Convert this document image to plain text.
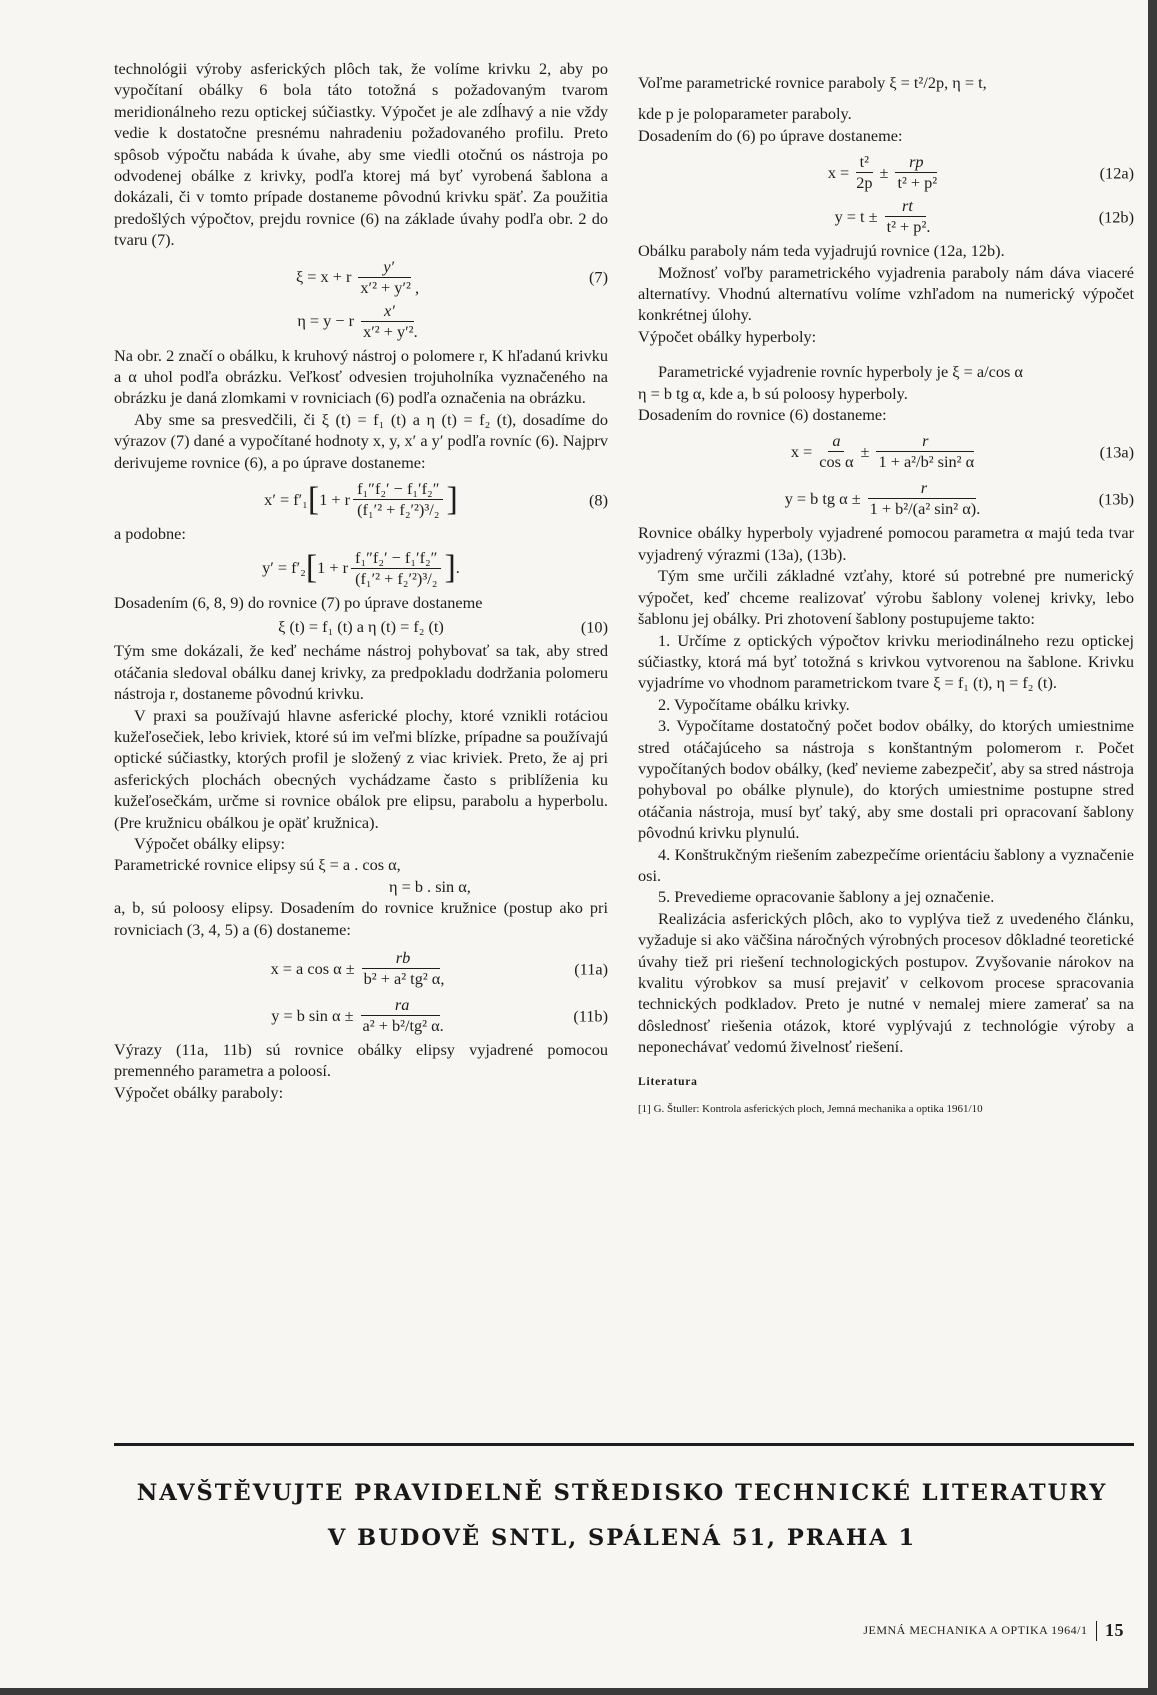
technológii výroby asferických plôch tak, že volíme krivku 2, aby po vypočítaní obálky 6 bola táto totožná s požadovaným tvarom meridionálneho rezu optickej súčiastky. Výpočet je ale zdĺhavý a nie vždy vedie k dostatočne presnému nahradeniu požadovaného profilu. Preto spôsob výpočtu nabáda k úvahe, aby sme viedli otočnú os nástroja po odvodenej obálke z krivky, podľa ktorej má byť vyrobená šablona a dokázali, či v tomto prípade dostaneme pôvodnú krivku späť. Za použitia predošlých výpočtov, prejdu rovnice (6) na základe úvahy podľa obr. 2 do tvaru (7).

ξ = x + r $\frac{y'}{\text{x′² + y′² ,}}$	(7)
η = y − r $\frac{x'}{\text{x′² + y′².}}$

Na obr. 2 značí o obálku, k kruhový nástroj o polomere r, K hľadanú krivku a α uhol podľa obrázku. Veľkosť odvesien trojuholníka vyznačeného na obrázku je daná zlomkami v rovniciach (6) podľa označenia na obrázku.

Aby sme sa presvedčili, či ξ (t) = f₁ (t) a η (t) = f₂ (t), dosadíme do výrazov (7) dané a vypočítané hodnoty x, y, x′ a y′ podľa rovníc (6). Najprv derivujeme rovnice (6), a po úprave dostaneme:

x′ = f′₁ [ 1 + r $\frac{\text{f₁″f₂′ − f₁′f₂″}}{\text{(f₁′² + f₂′²)³/₂}}$ ]	(8)

a podobne:

y′ = f′₂ [ 1 + r $\frac{\text{f₁″f₂′ − f₁′f₂″}}{\text{(f₁′² + f₂′²)³/₂}}$ ] .

Dosadením (6, 8, 9) do rovnice (7) po úprave dostaneme

ξ (t) = f₁ (t) a η (t) = f₂ (t)	(10)

Tým sme dokázali, že keď necháme nástroj pohybovať sa tak, aby stred otáčania sledoval obálku danej krivky, za predpokladu dodržania polomeru nástroja r, dostaneme pôvodnú krivku.

V praxi sa používajú hlavne asferické plochy, ktoré vznikli rotáciou kužeľosečiek, lebo kriviek, ktoré sú im veľmi blízke, prípadne sa používajú optické súčiastky, ktorých profil je složený z viac kriviek. Preto, že aj pri asferických plochách obecných vychádzame často s priblíženia ku kužeľosečkám, určme si rovnice obálok pre elipsu, parabolu a hyperbolu. (Pre kružnicu obálkou je opäť kružnica).

Výpočet obálky elipsy:

Parametrické rovnice elipsy sú ξ = a . cos α,

η = b . sin α,

a, b, sú poloosy elipsy. Dosadením do rovnice kružnice (postup ako pri rovniciach (3, 4, 5) a (6) dostaneme:

x = a $\cos \alpha \pm \frac{rb}{\text{b² + a² tg² α,}}$	(11a)
y = b $\sin \alpha \pm \frac{ra}{\text{a² + b²/tg² α.}}$	(11b)

Výrazy (11a, 11b) sú rovnice obálky elipsy vyjadrené pomocou premenného parametra a poloosí.

Výpočet obálky paraboly:

Voľme parametrické rovnice paraboly ξ = t²/2p, η = t,

kde p je poloparameter paraboly.

Dosadením do (6) po úprave dostaneme:

$x = \frac{\text{t²}}{2p} \pm \frac{rp}{\text{t² + p²}}$	(12a)
$y = t \pm \frac{rt}{\text{t² + p².}}$	(12b)

Obálku paraboly nám teda vyjadrujú rovnice (12a, 12b).

Možnosť voľby parametrického vyjadrenia paraboly nám dáva viaceré alternatívy. Vhodnú alternatívu volíme vzhľadom na numerický výpočet konkrétnej úlohy.

Výpočet obálky hyperboly:

Parametrické vyjadrenie rovníc hyperboly je ξ = a/cos α

η = b tg α, kde a, b sú poloosy hyperboly.

Dosadením do rovnice (6) dostaneme:

$x = \frac{a}{\text{cos α}} \pm \frac{r}{\text{1 + a²/b² sin² α}}$	(13a)
y = b tg $\alpha \pm \frac{r}{\text{1 + b²/(a² sin² α).}}$	(13b)

Rovnice obálky hyperboly vyjadrené pomocou parametra α majú teda tvar vyjadrený výrazmi (13a), (13b).

Tým sme určili základné vzťahy, ktoré sú potrebné pre numerický výpočet, keď chceme realizovať výrobu šablony volenej krivky, lebo šablonu jej obálky. Pri zhotovení šablony postupujeme takto:

1. Určíme z optických výpočtov krivku meriodinálneho rezu optickej súčiastky, ktorá má byť totožná s krivkou vytvorenou na šablone. Krivku vyjadríme vo vhodnom parametrickom tvare ξ = f₁ (t), η = f₂ (t).

2. Vypočítame obálku krivky.

3. Vypočítame dostatočný počet bodov obálky, do ktorých umiestnime stred otáčajúceho sa nástroja s konštantným polomerom r. Počet vypočítaných bodov obálky, (keď nevieme zabezpečiť, aby sa stred nástroja pohyboval po obálke plynule), do ktorých umiestnime postupne stred otáčania nástroja, musí byť taký, aby sme dostali pri opracovaní šablony pôvodnú krivku plynulú.

4. Konštrukčným riešením zabezpečíme orientáciu šablony a vyznačenie osi.

5. Prevedieme opracovanie šablony a jej označenie.

Realizácia asferických plôch, ako to vyplýva tiež z uvedeného článku, vyžaduje si ako väčšina náročných výrobných procesov dôkladné teoretické úvahy tiež pri riešení technologických postupov. Zvyšovanie nárokov na kvalitu výrobkov sa musí prejaviť v celkovom procese spracovania technických podkladov. Preto je nutné v nemalej miere zamerať sa na dôslednosť riešenia otázok, ktoré vyplývajú z technológie výroby a neponechávať vedomú živelnosť riešení.

Literatura
[1] G. Štuller: Kontrola asferických ploch, Jemná mechanika a optika 1961/10
NAVŠTĚVUJTE PRAVIDELNĚ STŘEDISKO TECHNICKÉ LITERATURY
V BUDOVĚ SNTL, SPÁLENÁ 51, PRAHA 1
JEMNÁ MECHANIKA A OPTIKA 1964/1 15
